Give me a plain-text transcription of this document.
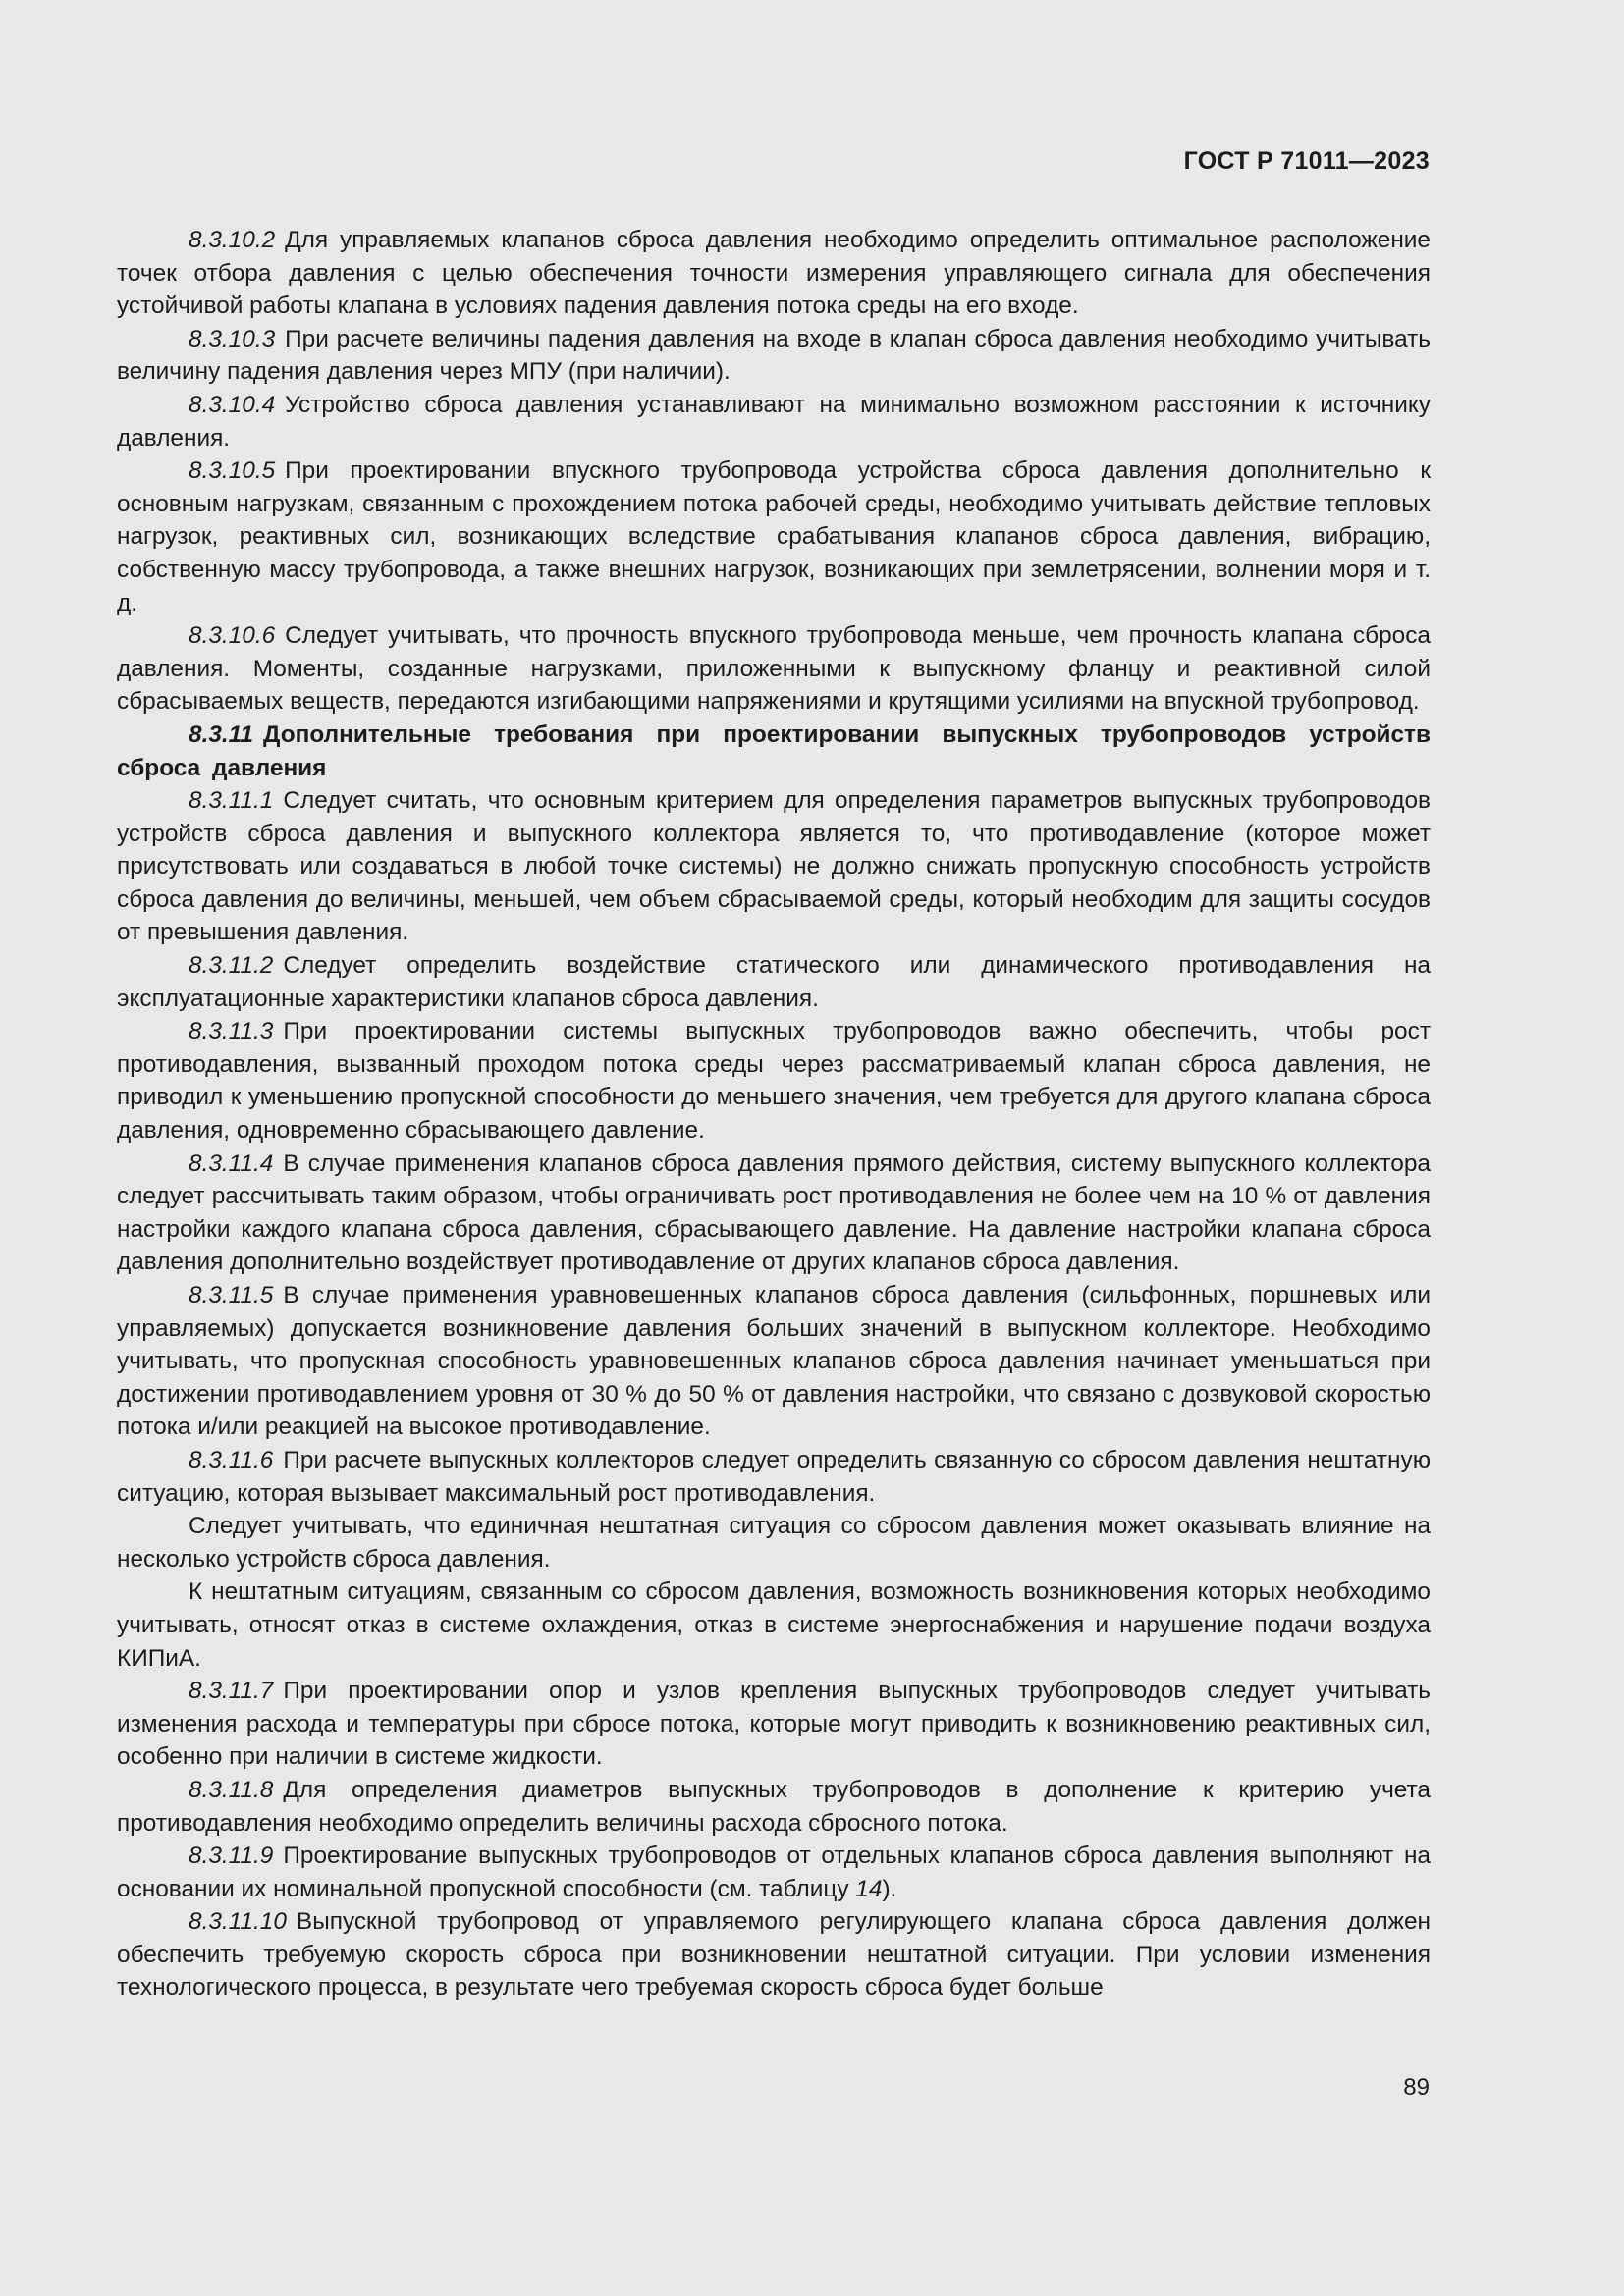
ГОСТ Р 71011—2023

8.3.10.2 Для управляемых клапанов сброса давления необходимо определить оптимальное расположение точек отбора давления с целью обеспечения точности измерения управляющего сигнала для обеспечения устойчивой работы клапана в условиях падения давления потока среды на его входе.

8.3.10.3 При расчете величины падения давления на входе в клапан сброса давления необходимо учитывать величину падения давления через МПУ (при наличии).

8.3.10.4 Устройство сброса давления устанавливают на минимально возможном расстоянии к источнику давления.

8.3.10.5 При проектировании впускного трубопровода устройства сброса давления дополнительно к основным нагрузкам, связанным с прохождением потока рабочей среды, необходимо учитывать действие тепловых нагрузок, реактивных сил, возникающих вследствие срабатывания клапанов сброса давления, вибрацию, собственную массу трубопровода, а также внешних нагрузок, возникающих при землетрясении, волнении моря и т. д.

8.3.10.6 Следует учитывать, что прочность впускного трубопровода меньше, чем прочность клапана сброса давления. Моменты, созданные нагрузками, приложенными к выпускному фланцу и реактивной силой сбрасываемых веществ, передаются изгибающими напряжениями и крутящими усилиями на впускной трубопровод.

8.3.11 Дополнительные требования при проектировании выпускных трубопроводов устройств сброса давления

8.3.11.1 Следует считать, что основным критерием для определения параметров выпускных трубопроводов устройств сброса давления и выпускного коллектора является то, что противодавление (которое может присутствовать или создаваться в любой точке системы) не должно снижать пропускную способность устройств сброса давления до величины, меньшей, чем объем сбрасываемой среды, который необходим для защиты сосудов от превышения давления.

8.3.11.2 Следует определить воздействие статического или динамического противодавления на эксплуатационные характеристики клапанов сброса давления.

8.3.11.3 При проектировании системы выпускных трубопроводов важно обеспечить, чтобы рост противодавления, вызванный проходом потока среды через рассматриваемый клапан сброса давления, не приводил к уменьшению пропускной способности до меньшего значения, чем требуется для другого клапана сброса давления, одновременно сбрасывающего давление.

8.3.11.4 В случае применения клапанов сброса давления прямого действия, систему выпускного коллектора следует рассчитывать таким образом, чтобы ограничивать рост противодавления не более чем на 10 % от давления настройки каждого клапана сброса давления, сбрасывающего давление. На давление настройки клапана сброса давления дополнительно воздействует противодавление от других клапанов сброса давления.

8.3.11.5 В случае применения уравновешенных клапанов сброса давления (сильфонных, поршневых или управляемых) допускается возникновение давления больших значений в выпускном коллекторе. Необходимо учитывать, что пропускная способность уравновешенных клапанов сброса давления начинает уменьшаться при достижении противодавлением уровня от 30 % до 50 % от давления настройки, что связано с дозвуковой скоростью потока и/или реакцией на высокое противодавление.

8.3.11.6 При расчете выпускных коллекторов следует определить связанную со сбросом давления нештатную ситуацию, которая вызывает максимальный рост противодавления.

Следует учитывать, что единичная нештатная ситуация со сбросом давления может оказывать влияние на несколько устройств сброса давления.

К нештатным ситуациям, связанным со сбросом давления, возможность возникновения которых необходимо учитывать, относят отказ в системе охлаждения, отказ в системе энергоснабжения и нарушение подачи воздуха КИПиА.

8.3.11.7 При проектировании опор и узлов крепления выпускных трубопроводов следует учитывать изменения расхода и температуры при сбросе потока, которые могут приводить к возникновению реактивных сил, особенно при наличии в системе жидкости.

8.3.11.8 Для определения диаметров выпускных трубопроводов в дополнение к критерию учета противодавления необходимо определить величины расхода сбросного потока.

8.3.11.9 Проектирование выпускных трубопроводов от отдельных клапанов сброса давления выполняют на основании их номинальной пропускной способности (см. таблицу 14).

8.3.11.10 Выпускной трубопровод от управляемого регулирующего клапана сброса давления должен обеспечить требуемую скорость сброса при возникновении нештатной ситуации. При условии изменения технологического процесса, в результате чего требуемая скорость сброса будет больше

89
